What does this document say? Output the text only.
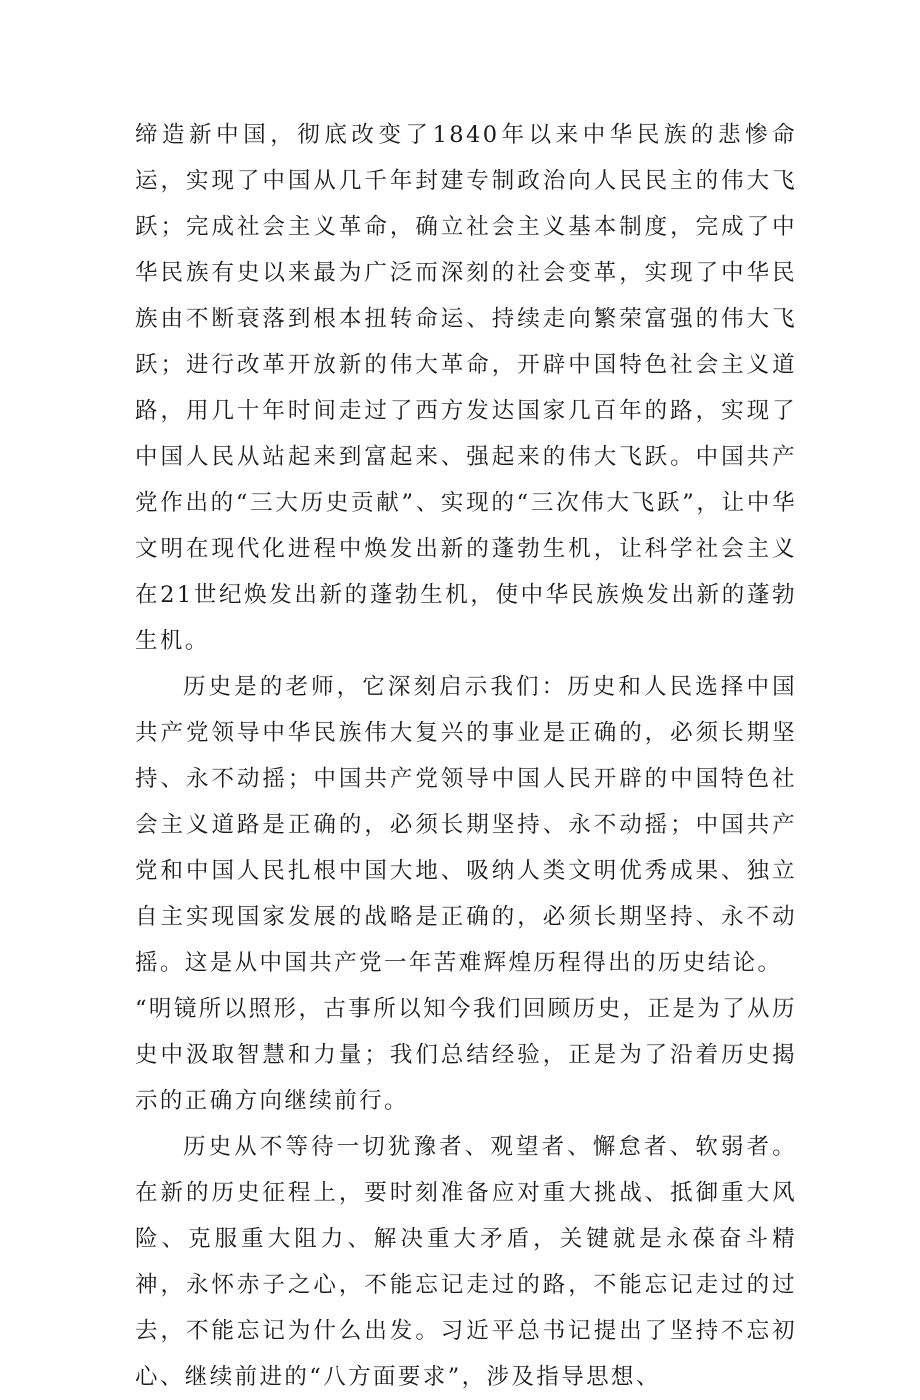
缔造新中国，彻底改变了1840年以来中华民族的悲惨命运，实现了中国从几千年封建专制政治向人民民主的伟大飞跃；完成社会主义革命，确立社会主义基本制度，完成了中华民族有史以来最为广泛而深刻的社会变革，实现了中华民族由不断衰落到根本扭转命运、持续走向繁荣富强的伟大飞跃；进行改革开放新的伟大革命，开辟中国特色社会主义道路，用几十年时间走过了西方发达国家几百年的路，实现了中国人民从站起来到富起来、强起来的伟大飞跃。中国共产党作出的“三大历史贡献”、实现的“三次伟大飞跃”，让中华文明在现代化进程中焕发出新的蓬勃生机，让科学社会主义在21世纪焕发出新的蓬勃生机，使中华民族焕发出新的蓬勃生机。

历史是的老师，它深刻启示我们：历史和人民选择中国共产党领导中华民族伟大复兴的事业是正确的，必须长期坚持、永不动摇；中国共产党领导中国人民开辟的中国特色社会主义道路是正确的，必须长期坚持、永不动摇；中国共产党和中国人民扎根中国大地、吸纳人类文明优秀成果、独立自主实现国家发展的战略是正确的，必须长期坚持、永不动摇。这是从中国共产党一年苦难辉煌历程得出的历史结论。

“明镜所以照形，古事所以知今我们回顾历史，正是为了从历史中汲取智慧和力量；我们总结经验，正是为了沿着历史揭示的正确方向继续前行。

历史从不等待一切犹豫者、观望者、懈怠者、软弱者。在新的历史征程上，要时刻准备应对重大挑战、抵御重大风险、克服重大阻力、解决重大矛盾，关键就是永葆奋斗精神，永怀赤子之心，不能忘记走过的路，不能忘记走过的过去，不能忘记为什么出发。习近平总书记提出了坚持不忘初心、继续前进的“八方面要求”，涉及指导思想、
